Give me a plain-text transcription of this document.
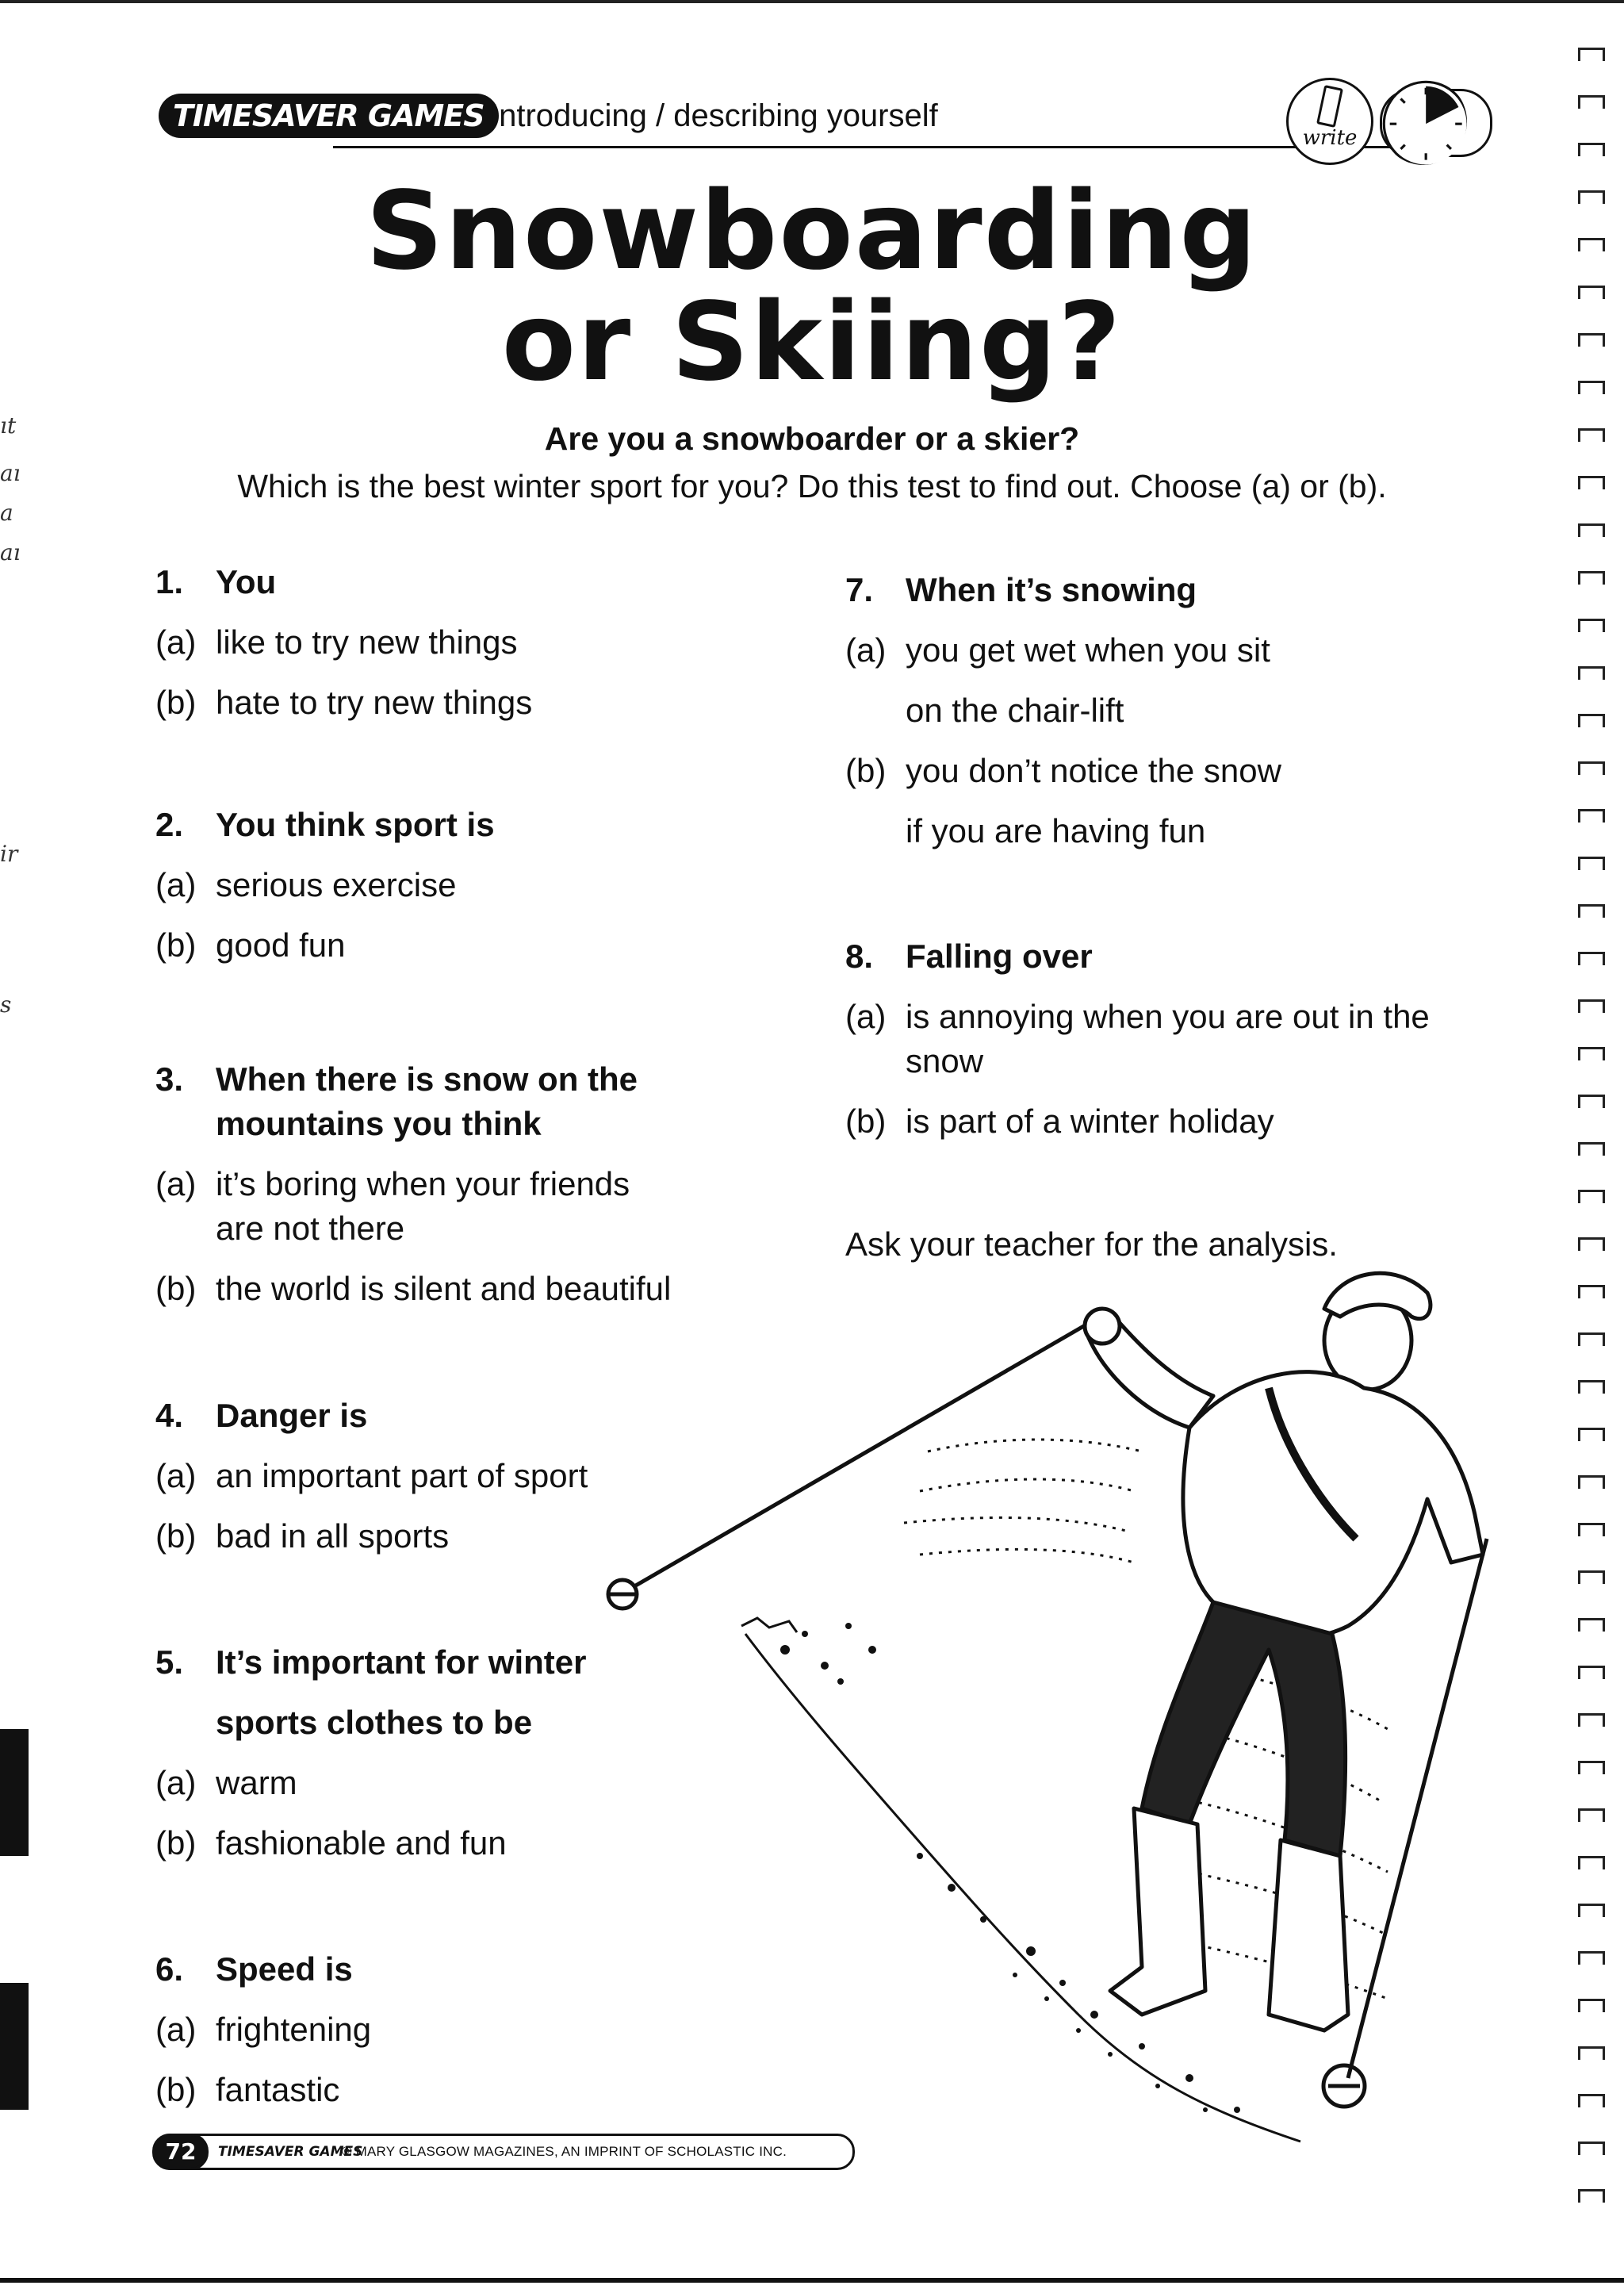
ıt
aı
a
aı
ir
s
TIMESAVER GAMES Introducing / describing yourself
write
Snowboarding
or Skiing?

Are you a snowboarder or a skier?

Which is the best winter sport for you? Do this test to find out. Choose (a) or (b).

1. You
(a) like to try new things
(b) hate to try new things
2. You think sport is
(a) serious exercise
(b) good fun
3. When there is snow on the
mountains you think
(a) it’s boring when your friends
are not there
(b) the world is silent and beautiful
4. Danger is
(a) an important part of sport
(b) bad in all sports
5. It’s important for winter
sports clothes to be
(a) warm
(b) fashionable and fun
6. Speed is
(a) frightening
(b) fantastic
7. When it’s snowing
(a) you get wet when you sit
on the chair-lift
(b) you don’t notice the snow
if you are having fun
8. Falling over
(a) is annoying when you are out in the
snow
(b) is part of a winter holiday

Ask your teacher for the analysis.

72	TIMESAVER GAMES
© MARY GLASGOW MAGAZINES, AN IMPRINT OF SCHOLASTIC INC.
